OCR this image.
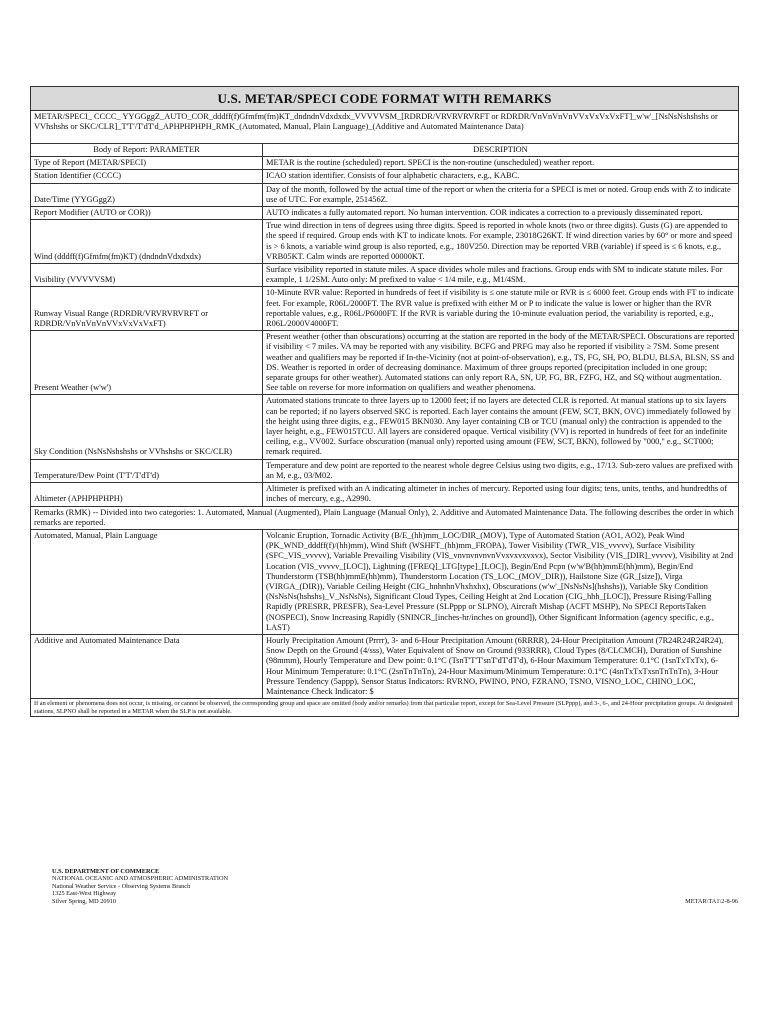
U.S. METAR/SPECI CODE FORMAT WITH REMARKS	
METAR/SPECI_ CCCC_ YYGGggZ_AUTO_COR_dddff(f)Gfmfm(fm)KT_dndndnVdxdxdx_VVVVVSM_[RDRDR/VRVRVRVRFT or RDRDR/VnVnVnVnVVxVxVxVxFT]_w'w'_[NsNsNshshshs or VVhshshs or SKC/CLR]_T'T'/T'dT'd_APHPHPHPH_RMK_(Automated, Manual, Plain Language)_(Additive and Automated Maintenance Data)	
Body of Report: PARAMETER	DESCRIPTION
Type of Report (METAR/SPECI)	METAR is the routine (scheduled) report. SPECI is the non-routine (unscheduled) weather report.
Station Identifier (CCCC)	ICAO station identifier. Consists of four alphabetic characters, e.g., KABC.
Date/Time (YYGGggZ)	Day of the month, followed by the actual time of the report or when the criteria for a SPECI is met or noted. Group ends with Z to indicate use of UTC. For example, 251456Z.
Report Modifier (AUTO or COR))	AUTO indicates a fully automated report. No human intervention. COR indicates a correction to a previously disseminated report.
Wind (dddff(f)Gfmfm(fm)KT) (dndndnVdxdxdx)	True wind direction in tens of degrees using three digits. Speed is reported in whole knots (two or three digits). Gusts (G) are appended to the speed if required. Group ends with KT to indicate knots. For example, 23018G26KT. If wind direction varies by 60° or more and speed is > 6 knots, a variable wind group is also reported, e.g., 180V250. Direction may be reported VRB (variable) if speed is ≤ 6 knots, e.g., VRB05KT. Calm winds are reported 00000KT.
Visibility (VVVVVSM)	Surface visibility reported in statute miles. A space divides whole miles and fractions. Group ends with SM to indicate statute miles. For example, 1 1/2SM. Auto only: M prefixed to value < 1/4 mile, e.g., M1/4SM.
Runway Visual Range (RDRDR/VRVRVRVRFT or RDRDR/VnVnVnVnVVxVxVxVxFT)	10-Minute RVR value: Reported in hundreds of feet if visibility is ≤ one statute mile or RVR is ≤ 6000 feet. Group ends with FT to indicate feet. For example, R06L/2000FT. The RVR value is prefixed with either M or P to indicate the value is lower or higher than the RVR reportable values, e.g., R06L/P6000FT. If the RVR is variable during the 10-minute evaluation period, the variability is reported, e.g., R06L/2000V4000FT.
Present Weather (w'w')	Present weather (other than obscurations) occurring at the station are reported in the body of the METAR/SPECI. Obscurations are reported if visibility < 7 miles. VA may be reported with any visibility. BCFG and PRFG may also be reported if visibility ≥ 7SM. Some present weather and qualifiers may be reported if In-the-Vicinity (not at point-of-observation), e.g., TS, FG, SH, PO, BLDU, BLSA, BLSN, SS and DS. Weather is reported in order of decreasing dominance. Maximum of three groups reported (precipitation included in one group; separate groups for other weather). Automated stations can only report RA, SN, UP, FG, BR, FZFG, HZ, and SQ without augmentation. See table on reverse for more information on qualifiers and weather phenomena.
Sky Condition (NsNsNshshshs or VVhshshs or SKC/CLR)	Automated stations truncate to three layers up to 12000 feet; if no layers are detected CLR is reported. At manual stations up to six layers can be reported; if no layers observed SKC is reported. Each layer contains the amount (FEW, SCT, BKN, OVC) immediately followed by the height using three digits, e.g., FEW015 BKN030. Any layer containing CB or TCU (manual only) the contraction is appended to the layer height, e.g., FEW015TCU. All layers are considered opaque. Vertical visibility (VV) is reported in hundreds of feet for an indefinite ceiling, e.g., VV002. Surface obscuration (manual only) reported using amount (FEW, SCT, BKN), followed by "000," e.g., SCT000; remark required.
Temperature/Dew Point (T'T'/T'dT'd)	Temperature and dew point are reported to the nearest whole degree Celsius using two digits, e.g., 17/13. Sub-zero values are prefixed with an M, e.g., 03/M02.
Altimeter (APHPHPHPH)	Altimeter is prefixed with an A indicating altimeter in inches of mercury. Reported using four digits; tens, units, tenths, and hundredths of inches of mercury, e.g., A2990.
Remarks (RMK) -- Divided into two categories: 1. Automated, Manual (Augmented), Plain Language (Manual Only), 2. Additive and Automated Maintenance Data. The following describes the order in which remarks are reported.	
Automated, Manual, Plain Language	Volcanic Eruption, Tornadic Activity (B/E_(hh)mm_LOC/DIR_(MOV), Type of Automated Station (AO1, AO2), Peak Wind (PK_WND_dddff(f)/(hh)mm), Wind Shift (WSHFT_(hh)mm_FROPA), Tower Visibility (TWR_VIS_vvvvv), Surface Visibility (SFC_VIS_vvvvv), Variable Prevailing Visibility (VIS_vnvnvnvnvnVvxvxvxvxvx), Sector Visibility (VIS_[DIR]_vvvvv), Visibility at 2nd Location (VIS_vvvvv_[LOC]), Lightning ([FREQ]_LTG[type]_[LOC]), Begin/End Pcpn (w'w'B(hh)mmE(hh)mm), Begin/End Thunderstorm (TSB(hh)mmE(hh)mm), Thunderstorm Location (TS_LOC_(MOV_DIR)), Hailstone Size (GR_[size]), Virga (VIRGA_(DIR)), Variable Ceiling Height (CIG_hnhnhnVhxhxhx), Obscurations (w'w'_[NsNsNs](hshshs)), Variable Sky Condition (NsNsNs(hshshs)_V_NsNsNs), Significant Cloud Types, Ceiling Height at 2nd Location (CIG_hhh_[LOC]), Pressure Rising/Falling Rapidly (PRESRR, PRESFR), Sea-Level Pressure (SLPppp or SLPNO), Aircraft Mishap (ACFT MSHP), No SPECI ReportsTaken (NOSPECI), Snow Increasing Rapidly (SNINCR_[inches-hr/inches on ground]), Other Significant Information (agency specific, e.g., LAST)
Additive and Automated Maintenance Data	Hourly Precipitation Amount (Prrrr), 3- and 6-Hour Precipitation Amount (6RRRR), 24-Hour Precipitation Amount (7R24R24R24R24), Snow Depth on the Ground (4/sss), Water Equivalent of Snow on Ground (933RRR), Cloud Types (8/CLCMCH), Duration of Sunshine (98mmm), Hourly Temperature and Dew point: 0.1°C (TsnT'T'T'snT'dT'dT'd), 6-Hour Maximum Temperature: 0.1°C (1snTxTxTx), 6-Hour Minimum Temperature: 0.1°C (2snTnTnTn), 24-Hour Maximum/Minimum Temperature: 0.1°C (4snTxTxTxsnTnTnTn), 3-Hour Pressure Tendency (5appp), Sensor Status Indicators: RVRNO, PWINO, PNO, FZRANO, TSNO, VISNO_LOC, CHINO_LOC, Maintenance Check Indicator: $
If an element or phenomena does not occur, is missing, or cannot be observed, the corresponding group and space are omitted (body and/or remarks) from that particular report, except for Sea-Level Pressure (SLPppp), and 3-, 6-, and 24-Hour precipitation groups. At designated stations, SLPNO shall be reported in a METAR when the SLP is not available.	
U.S. DEPARTMENT OF COMMERCE
NATIONAL OCEANIC AND ATMOSPHERIC ADMINISTRATION
National Weather Service - Observing Systems Branch
1325 East-West Highway
Silver Spring, MD 20910	METAR\TA1\2-8-96
